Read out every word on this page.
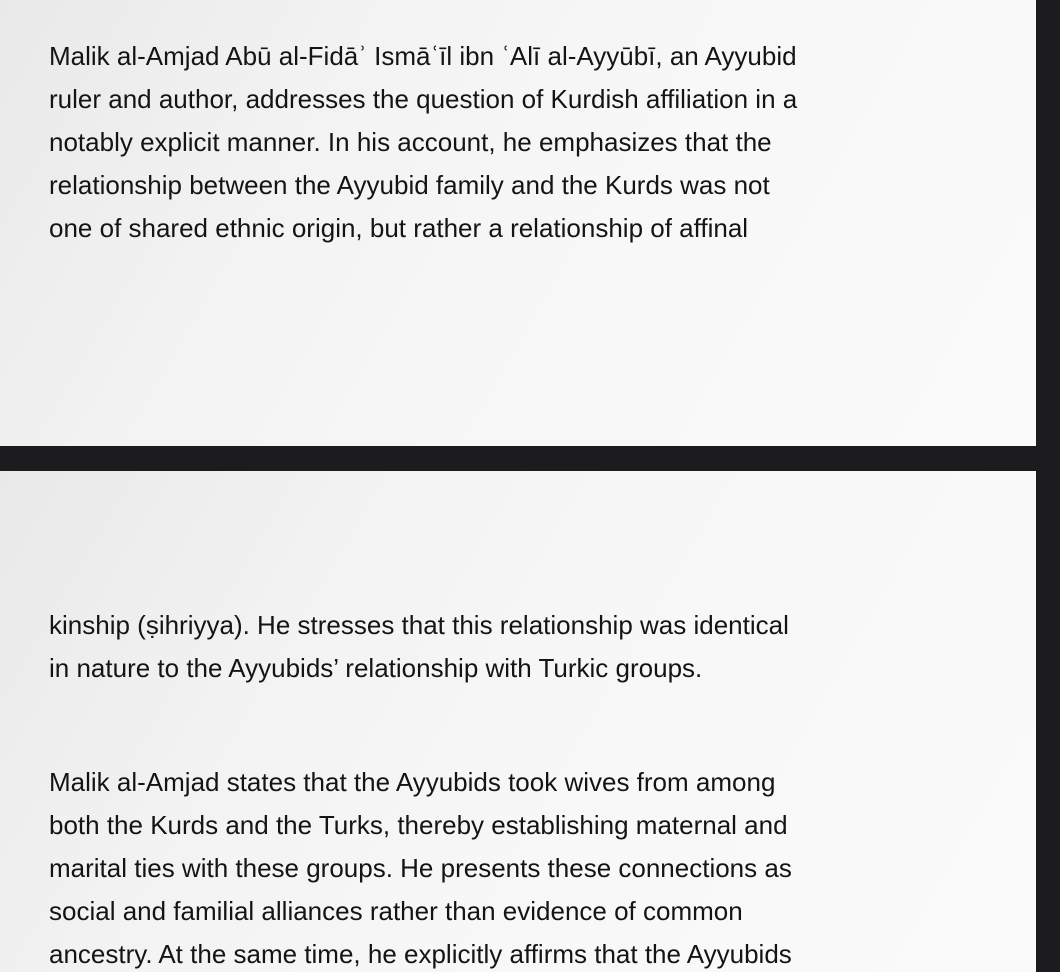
Malik al-Amjad Abū al-Fidāʾ Ismāʿīl ibn ʿAlī al-Ayyūbī, an Ayyubid
ruler and author, addresses the question of Kurdish affiliation in a
notably explicit manner. In his account, he emphasizes that the
relationship between the Ayyubid family and the Kurds was not
one of shared ethnic origin, but rather a relationship of affinal

kinship (ṣihriyya). He stresses that this relationship was identical
in nature to the Ayyubids’ relationship with Turkic groups.

Malik al-Amjad states that the Ayyubids took wives from among
both the Kurds and the Turks, thereby establishing maternal and
marital ties with these groups. He presents these connections as
social and familial alliances rather than evidence of common
ancestry. At the same time, he explicitly affirms that the Ayyubids
